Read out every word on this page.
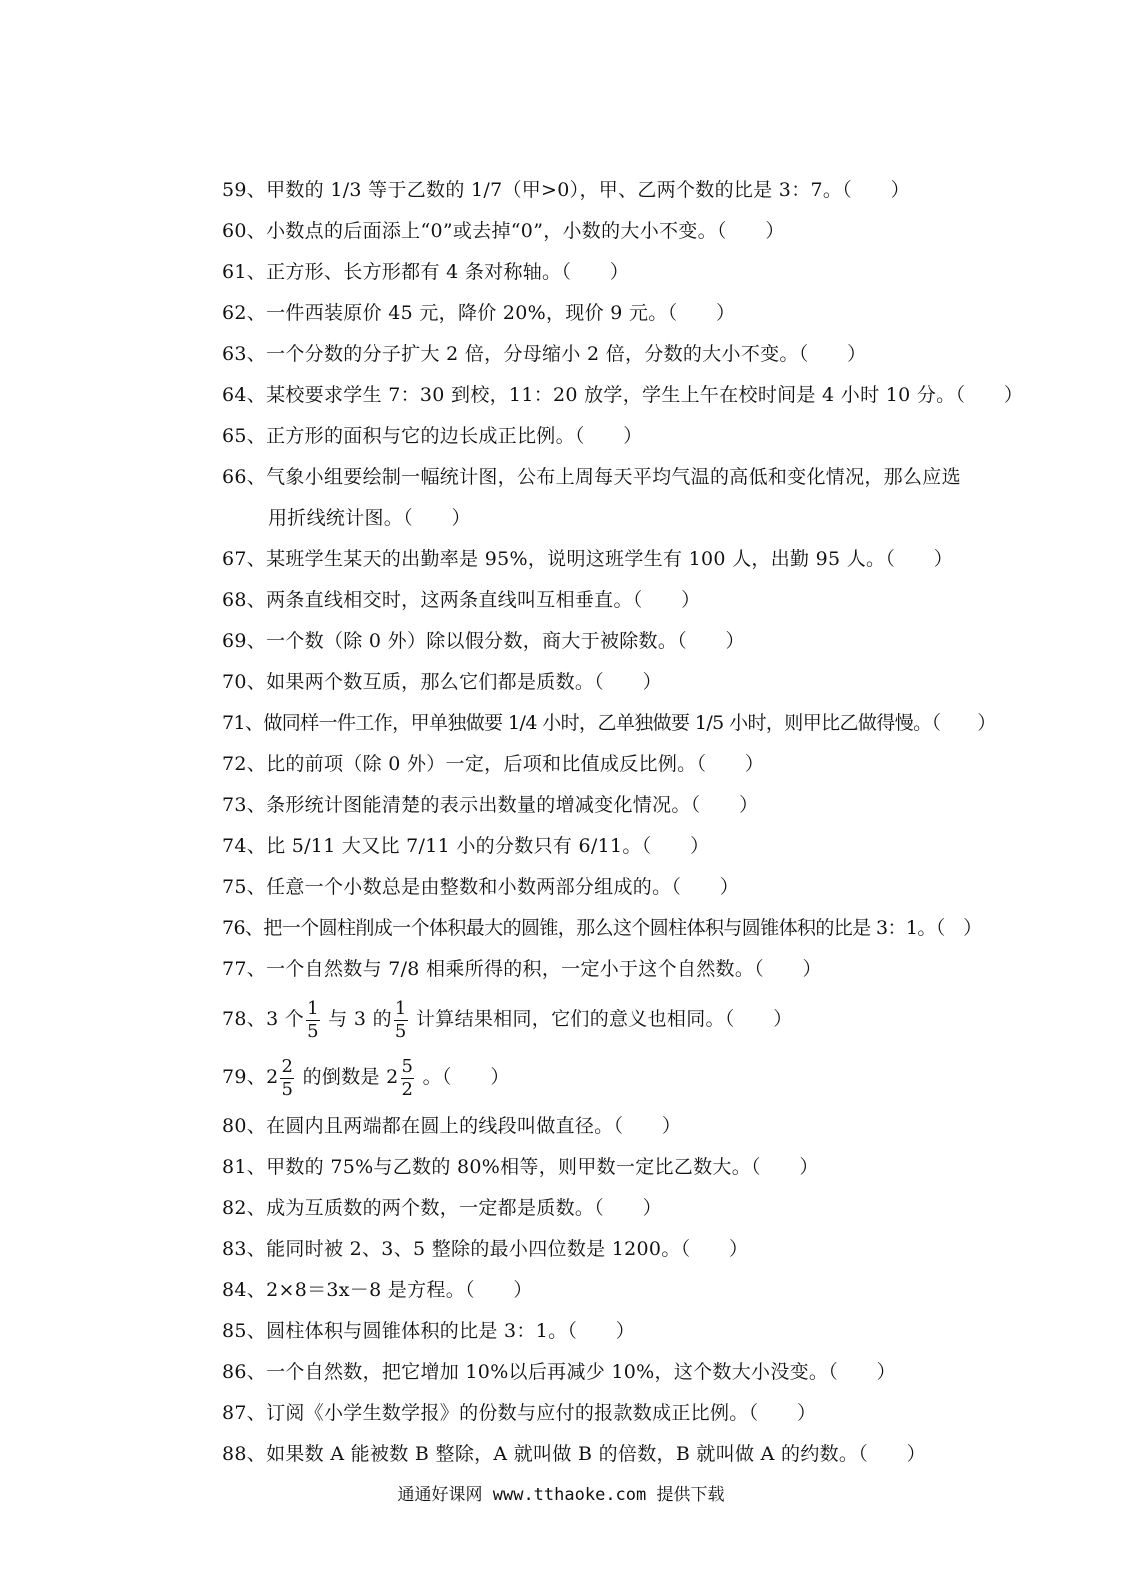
59、甲数的 1/3 等于乙数的 1/7（甲>0），甲、乙两个数的比是 3：7。（　　）
60、小数点的后面添上“0”或去掉“0”，小数的大小不变。（　　）
61、正方形、长方形都有 4 条对称轴。（　　）
62、一件西装原价 45 元，降价 20%，现价 9 元。（　　）
63、一个分数的分子扩大 2 倍，分母缩小 2 倍，分数的大小不变。（　　）
64、某校要求学生 7：30 到校，11：20 放学，学生上午在校时间是 4 小时 10 分。（　　）
65、正方形的面积与它的边长成正比例。（　　）
66、气象小组要绘制一幅统计图，公布上周每天平均气温的高低和变化情况，那么应选
用折线统计图。（　　）
67、某班学生某天的出勤率是 95%，说明这班学生有 100 人，出勤 95 人。（　　）
68、两条直线相交时，这两条直线叫互相垂直。（　　）
69、一个数（除 0 外）除以假分数，商大于被除数。（　　）
70、如果两个数互质，那么它们都是质数。（　　）
71、做同样一件工作，甲单独做要 1/4 小时，乙单独做要 1/5 小时，则甲比乙做得慢。（　　）
72、比的前项（除 0 外）一定，后项和比值成反比例。（　　）
73、条形统计图能清楚的表示出数量的增减变化情况。（　　）
74、比 5/11 大又比 7/11 小的分数只有 6/11。（　　）
75、任意一个小数总是由整数和小数两部分组成的。（　　）
76、把一个圆柱削成一个体积最大的圆锥，那么这个圆柱体积与圆锥体积的比是 3：1。（　）
77、一个自然数与 7/8 相乘所得的积，一定小于这个自然数。（　　）
78、3 个 $\frac{1}{5}$ 与 3 的 $\frac{1}{5}$ 计算结果相同，它们的意义也相同。（　　）
79、$2 \frac{2}{5}$ 的倒数是 $2 \frac{5}{2}$ 。（　　）
80、在圆内且两端都在圆上的线段叫做直径。（　　）
81、甲数的 75%与乙数的 80%相等，则甲数一定比乙数大。（　　）
82、成为互质数的两个数，一定都是质数。（　　）
83、能同时被 2、3、5 整除的最小四位数是 1200。（　　）
84、2×8＝3x－8 是方程。（　　）
85、圆柱体积与圆锥体积的比是 3：1。（　　）
86、一个自然数，把它增加 10%以后再减少 10%，这个数大小没变。（　　）
87、订阅《小学生数学报》的份数与应付的报款数成正比例。（　　）
88、如果数 A 能被数 B 整除，A 就叫做 B 的倍数，B 就叫做 A 的约数。（　　）
通通好课网 www.tthaoke.com 提供下载
